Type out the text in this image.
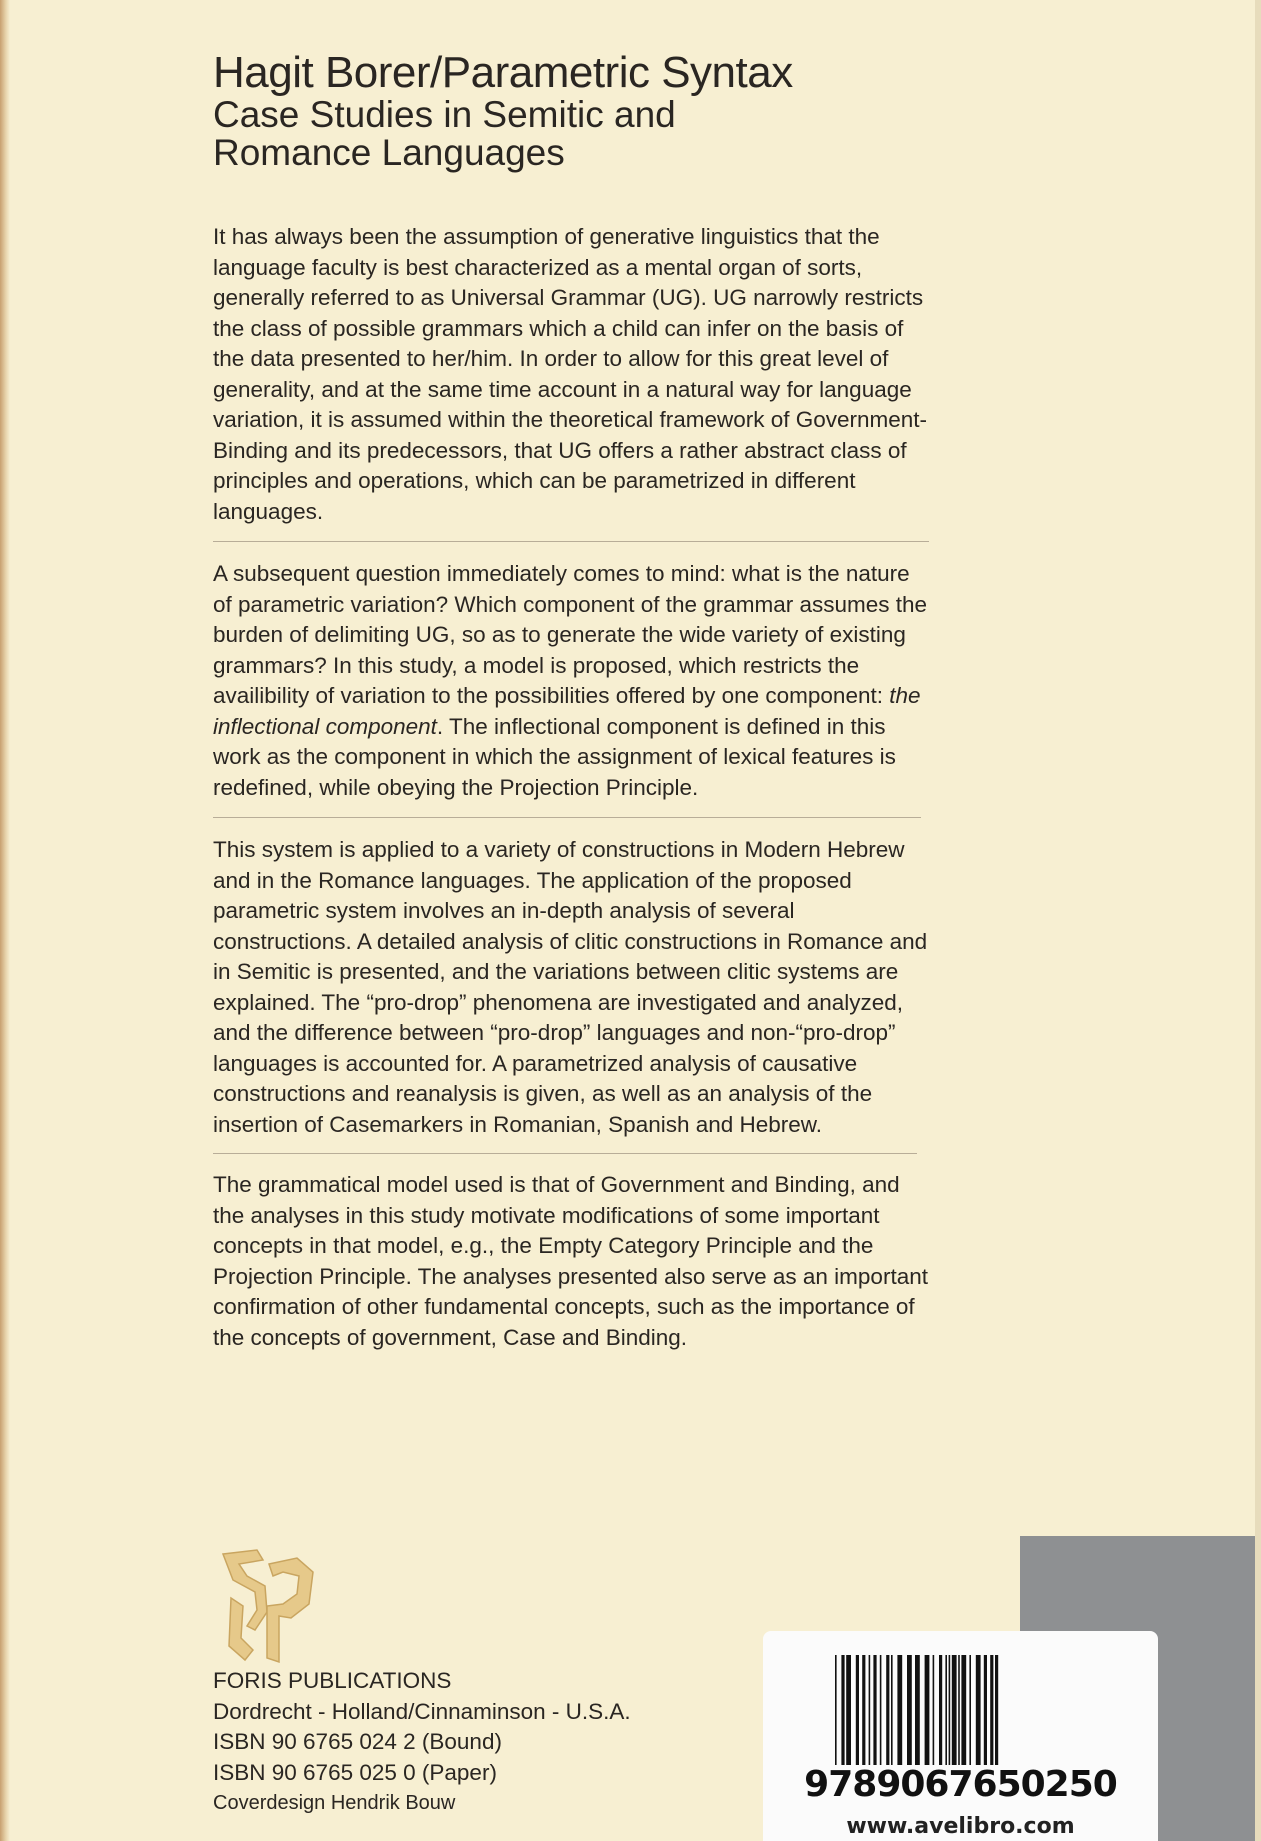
Hagit Borer/Parametric Syntax
Case Studies in Semitic and
Romance Languages

It has always been the assumption of generative linguistics that the language faculty is best characterized as a mental organ of sorts, generally referred to as Universal Grammar (UG). UG narrowly restricts the class of possible grammars which a child can infer on the basis of the data presented to her/him. In order to allow for this great level of generality, and at the same time account in a natural way for language variation, it is assumed within the theoretical framework of Government-Binding and its predecessors, that UG offers a rather abstract class of principles and operations, which can be parametrized in different languages.

A subsequent question immediately comes to mind: what is the nature of parametric variation? Which component of the grammar assumes the burden of delimiting UG, so as to generate the wide variety of existing grammars? In this study, a model is proposed, which restricts the availibility of variation to the possibilities offered by one component: the inflectional component. The inflectional component is defined in this work as the component in which the assignment of lexical features is redefined, while obeying the Projection Principle.

This system is applied to a variety of constructions in Modern Hebrew and in the Romance languages. The application of the proposed parametric system involves an in-depth analysis of several constructions. A detailed analysis of clitic constructions in Romance and in Semitic is presented, and the variations between clitic systems are explained. The “pro-drop” phenomena are investigated and analyzed, and the difference between “pro-drop” languages and non-“pro-drop” languages is accounted for. A parametrized analysis of causative constructions and reanalysis is given, as well as an analysis of the insertion of Casemarkers in Romanian, Spanish and Hebrew.

The grammatical model used is that of Government and Binding, and the analyses in this study motivate modifications of some important concepts in that model, e.g., the Empty Category Principle and the Projection Principle. The analyses presented also serve as an important confirmation of other fundamental concepts, such as the importance of the concepts of government, Case and Binding.

FORIS PUBLICATIONS
Dordrecht - Holland/Cinnaminson - U.S.A.
ISBN 90 6765 024 2 (Bound)
ISBN 90 6765 025 0 (Paper)
Coverdesign Hendrik Bouw	9789067650250
www.avelibro.com
